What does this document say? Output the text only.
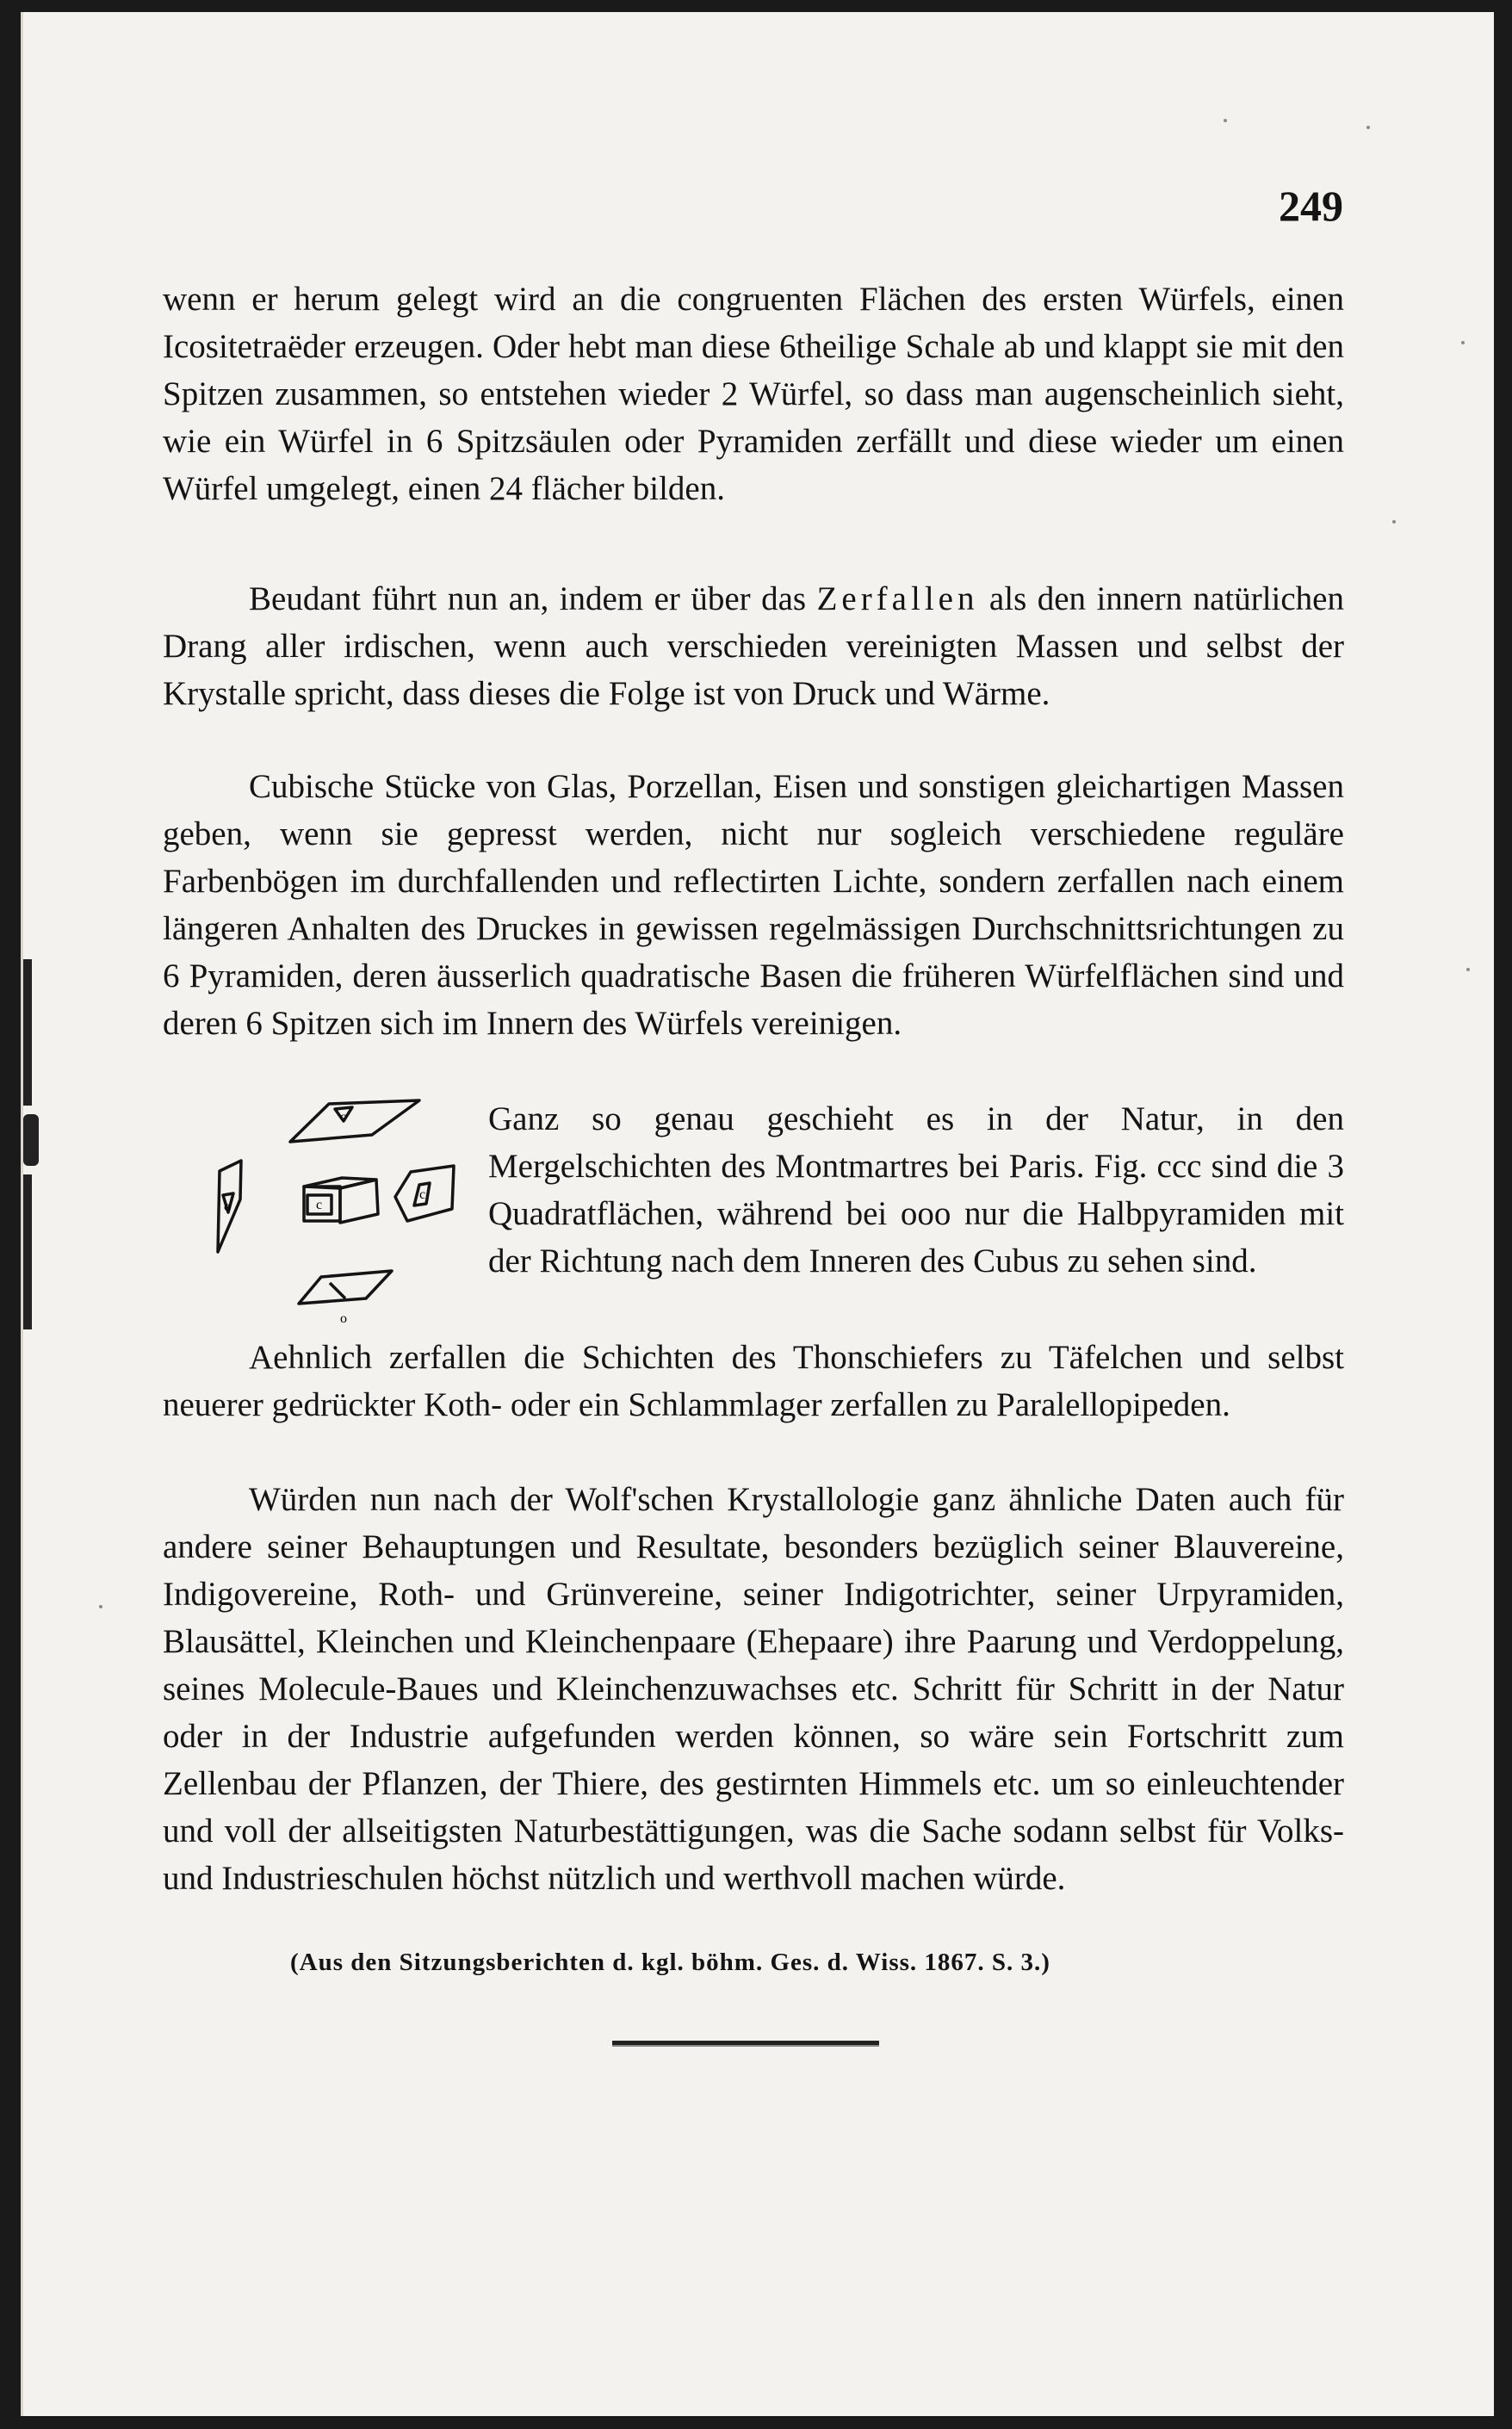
249

wenn er herum gelegt wird an die congruenten Flächen des ersten Würfels, einen Icositetraëder erzeugen. Oder hebt man diese 6theilige Schale ab und klappt sie mit den Spitzen zusammen, so entstehen wieder 2 Würfel, so dass man augenscheinlich sieht, wie ein Würfel in 6 Spitzsäulen oder Pyramiden zerfällt und diese wieder um einen Würfel umgelegt, einen 24 flächer bilden.

Beudant führt nun an, indem er über das Zerfallen als den innern natürlichen Drang aller irdischen, wenn auch verschieden vereinigten Massen und selbst der Krystalle spricht, dass dieses die Folge ist von Druck und Wärme.

Cubische Stücke von Glas, Porzellan, Eisen und sonstigen gleichartigen Massen geben, wenn sie gepresst werden, nicht nur sogleich verschiedene reguläre Farbenbögen im durchfallenden und reflectirten Lichte, sondern zerfallen nach einem längeren Anhalten des Druckes in gewissen regelmässigen Durchschnittsrichtungen zu 6 Pyramiden, deren äusserlich quadratische Basen die früheren Würfelflächen sind und deren 6 Spitzen sich im Innern des Würfels vereinigen.

c
c
c
o
o

Ganz so genau geschieht es in der Natur, in den Mergelschichten des Montmartres bei Paris. Fig. ccc sind die 3 Quadratflächen, während bei ooo nur die Halbpyramiden mit der Richtung nach dem Inneren des Cubus zu sehen sind.

Aehnlich zerfallen die Schichten des Thonschiefers zu Täfelchen und selbst neuerer gedrückter Koth- oder ein Schlammlager zerfallen zu Paralellopipeden.

Würden nun nach der Wolf'schen Krystallologie ganz ähnliche Daten auch für andere seiner Behauptungen und Resultate, besonders bezüglich seiner Blauvereine, Indigovereine, Roth- und Grünvereine, seiner Indigotrichter, seiner Urpyramiden, Blausättel, Kleinchen und Kleinchenpaare (Ehepaare) ihre Paarung und Verdoppelung, seines Molecule-Baues und Kleinchenzuwachses etc. Schritt für Schritt in der Natur oder in der Industrie aufgefunden werden können, so wäre sein Fortschritt zum Zellenbau der Pflanzen, der Thiere, des gestirnten Himmels etc. um so einleuchtender und voll der allseitigsten Naturbestättigungen, was die Sache sodann selbst für Volks- und Industrieschulen höchst nützlich und werthvoll machen würde.

(Aus den Sitzungsberichten d. kgl. böhm. Ges. d. Wiss. 1867. S. 3.)
